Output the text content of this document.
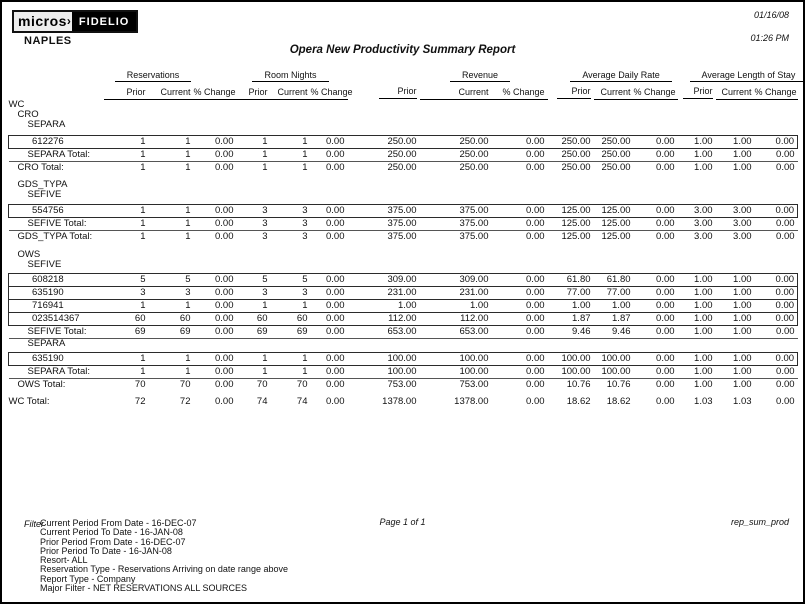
micros › FIDELIO
NAPLES
Opera New Productivity Summary Report
01/16/08
01:26 PM
	Reservations			Room Nights			Revenue			Average Daily Rate			Average Length of Stay		
	Prior	Current	% Change	Prior	Current	% Change	Prior	Current	% Change	Prior	Current	% Change	Prior	Current	% Change
WC															
CRO															
SEPARA															

612276	1	1	0.00	1	1	0.00	250.00	250.00	0.00	250.00	250.00	0.00	1.00	1.00	0.00
SEPARA Total:	1	1	0.00	1	1	0.00	250.00	250.00	0.00	250.00	250.00	0.00	1.00	1.00	0.00
CRO Total:	1	1	0.00	1	1	0.00	250.00	250.00	0.00	250.00	250.00	0.00	1.00	1.00	0.00

GDS_TYPA															
SEFIVE															

554756	1	1	0.00	3	3	0.00	375.00	375.00	0.00	125.00	125.00	0.00	3.00	3.00	0.00
SEFIVE Total:	1	1	0.00	3	3	0.00	375.00	375.00	0.00	125.00	125.00	0.00	3.00	3.00	0.00
GDS_TYPA Total:	1	1	0.00	3	3	0.00	375.00	375.00	0.00	125.00	125.00	0.00	3.00	3.00	0.00

OWS															
SEFIVE															

608218	5	5	0.00	5	5	0.00	309.00	309.00	0.00	61.80	61.80	0.00	1.00	1.00	0.00
635190	3	3	0.00	3	3	0.00	231.00	231.00	0.00	77.00	77.00	0.00	1.00	1.00	0.00
716941	1	1	0.00	1	1	0.00	1.00	1.00	0.00	1.00	1.00	0.00	1.00	1.00	0.00
023514367	60	60	0.00	60	60	0.00	112.00	112.00	0.00	1.87	1.87	0.00	1.00	1.00	0.00
SEFIVE Total:	69	69	0.00	69	69	0.00	653.00	653.00	0.00	9.46	9.46	0.00	1.00	1.00	0.00
SEPARA															

635190	1	1	0.00	1	1	0.00	100.00	100.00	0.00	100.00	100.00	0.00	1.00	1.00	0.00
SEPARA Total:	1	1	0.00	1	1	0.00	100.00	100.00	0.00	100.00	100.00	0.00	1.00	1.00	0.00
OWS Total:	70	70	0.00	70	70	0.00	753.00	753.00	0.00	10.76	10.76	0.00	1.00	1.00	0.00

WC Total:	72	72	0.00	74	74	0.00	1378.00	1378.00	0.00	18.62	18.62	0.00	1.03	1.03	0.00
Filter
Current Period From Date - 16-DEC-07
Current Period To Date - 16-JAN-08
Prior Period From Date - 16-DEC-07
Prior Period To Date - 16-JAN-08
Resort- ALL
Reservation Type - Reservations Arriving on date range above
Report Type - Company
Major Filter - NET RESERVATIONS ALL SOURCES
Page 1 of 1	rep_sum_prod
